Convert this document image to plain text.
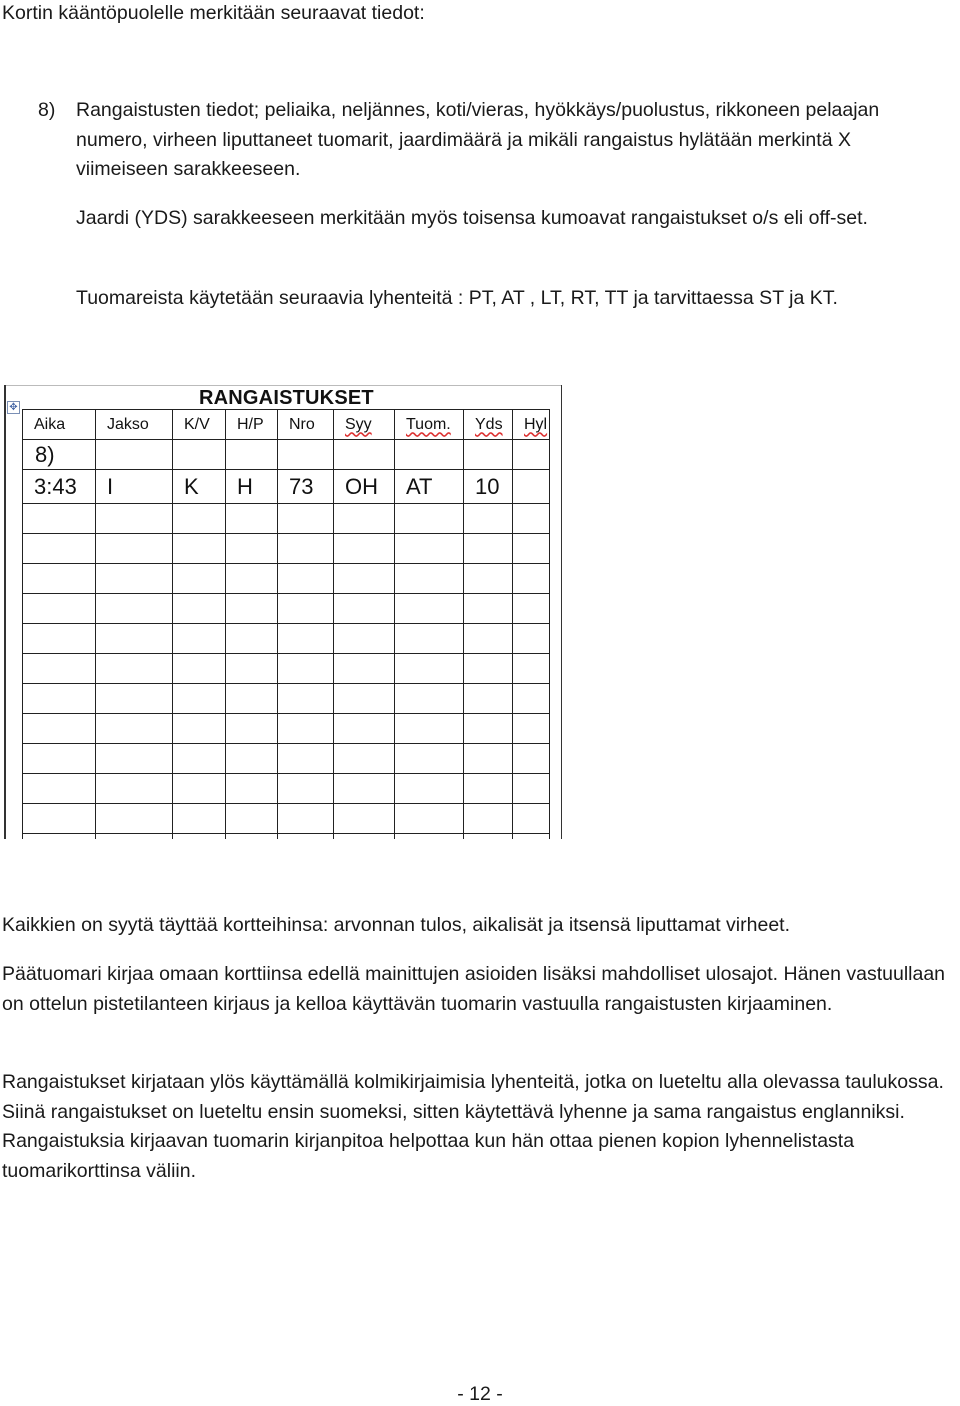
Kortin kääntöpuolelle merkitään seuraavat tiedot:
8) Rangaistusten tiedot; peliaika, neljännes, koti/vieras, hyökkäys/puolustus, rikkoneen pelaajan numero, virheen liputtaneet tuomarit, jaardimäärä ja mikäli rangaistus hylätään merkintä X viimeiseen sarakkeeseen.

Jaardi (YDS) sarakkeeseen merkitään myös toisensa kumoavat rangaistukset o/s eli off-set.

Tuomareista käytetään seuraavia lyhenteitä : PT, AT , LT, RT, TT ja tarvittaessa ST ja KT.

✥	RANGAISTUKSET
Aika	Jakso	K/V	H/P	Nro	Syy	Tuom.	Yds	Hyl
8)								
3:43	I	K	H	73	OH	AT	10	

Kaikkien on syytä täyttää kortteihinsa: arvonnan tulos, aikalisät ja itsensä liputtamat virheet.

Päätuomari kirjaa omaan korttiinsa edellä mainittujen asioiden lisäksi mahdolliset ulosajot. Hänen vastuullaan on ottelun pistetilanteen kirjaus ja kelloa käyttävän tuomarin vastuulla rangaistusten kirjaaminen.

Rangaistukset kirjataan ylös käyttämällä kolmikirjaimisia lyhenteitä, jotka on lueteltu alla olevassa taulukossa. Siinä rangaistukset on lueteltu ensin suomeksi, sitten käytettävä lyhenne ja sama rangaistus englanniksi. Rangaistuksia kirjaavan tuomarin kirjanpitoa helpottaa kun hän ottaa pienen kopion lyhennelistasta tuomarikorttinsa väliin.

- 12 -
